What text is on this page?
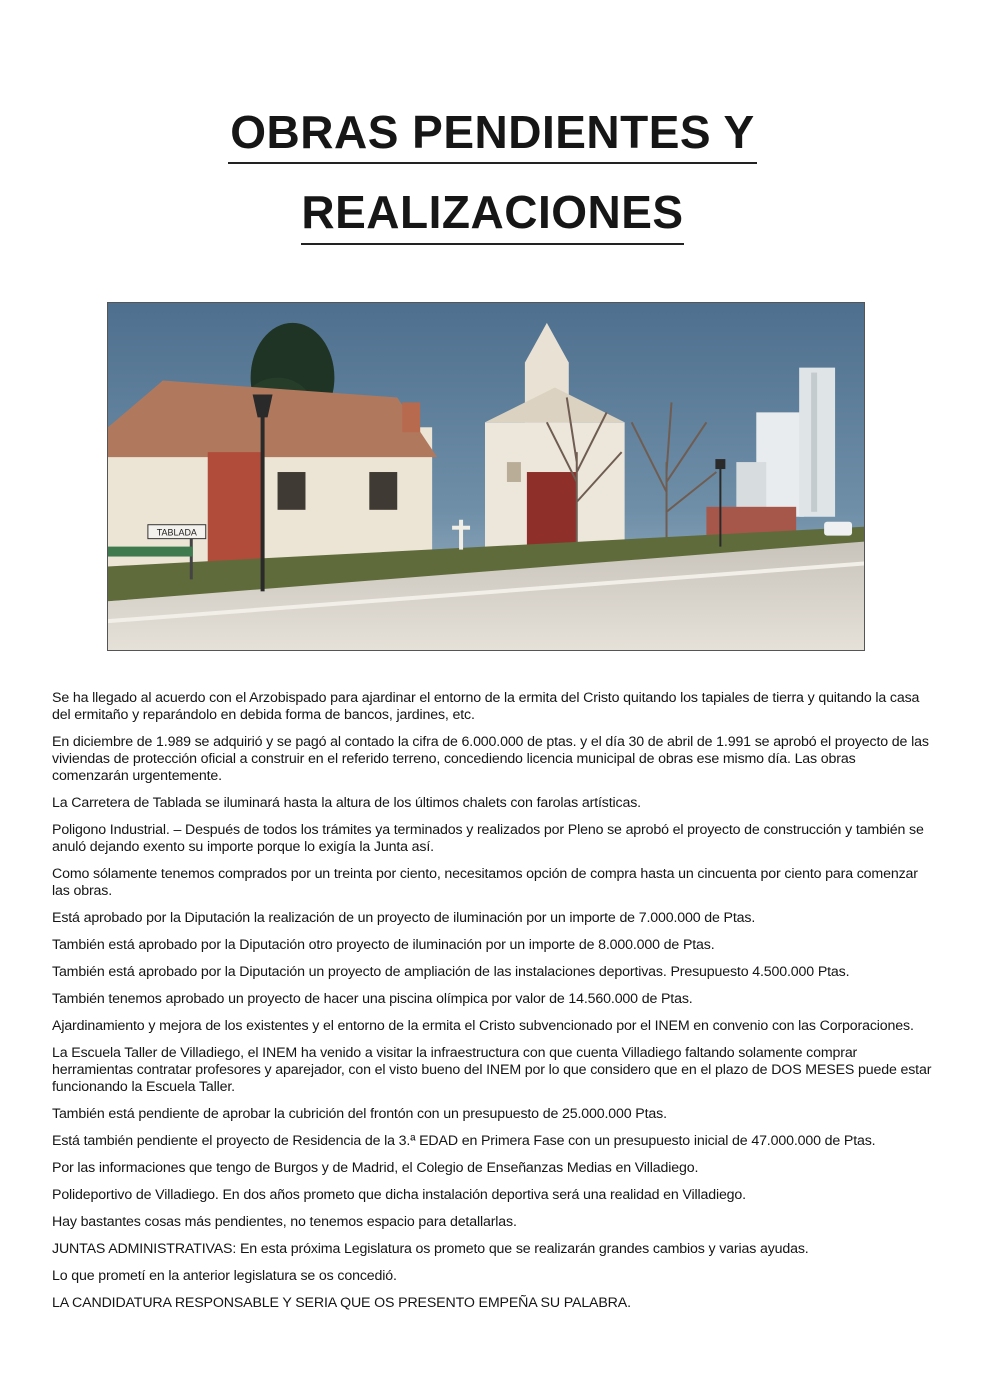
OBRAS PENDIENTES Y
REALIZACIONES
TABLADA

Se ha llegado al acuerdo con el Arzobispado para ajardinar el entorno de la ermita del Cristo quitando los tapiales de tierra y quitando la casa del ermitaño y reparándolo en debida forma de bancos, jardines, etc.

En diciembre de 1.989 se adquirió y se pagó al contado la cifra de 6.000.000 de ptas. y el día 30 de abril de 1.991 se aprobó el proyecto de las viviendas de protección oficial a construir en el referido terreno, concediendo licencia municipal de obras ese mismo día. Las obras comenzarán urgentemente.

La Carretera de Tablada se iluminará hasta la altura de los últimos chalets con farolas artísticas.

Poligono Industrial. – Después de todos los trámites ya terminados y realizados por Pleno se aprobó el proyecto de construcción y también se anuló dejando exento su importe porque lo exigía la Junta así.

Como sólamente tenemos comprados por un treinta por ciento, necesitamos opción de compra hasta un cincuenta por ciento para comenzar las obras.

Está aprobado por la Diputación la realización de un proyecto de iluminación por un importe de 7.000.000 de Ptas.

También está aprobado por la Diputación otro proyecto de iluminación por un importe de 8.000.000 de Ptas.

También está aprobado por la Diputación un proyecto de ampliación de las instalaciones deportivas. Presupuesto 4.500.000 Ptas.

También tenemos aprobado un proyecto de hacer una piscina olímpica por valor de 14.560.000 de Ptas.

Ajardinamiento y mejora de los existentes y el entorno de la ermita el Cristo subvencionado por el INEM en convenio con las Corporaciones.

La Escuela Taller de Villadiego, el INEM ha venido a visitar la infraestructura con que cuenta Villadiego faltando solamente comprar herramientas contratar profesores y aparejador, con el visto bueno del INEM por lo que considero que en el plazo de DOS MESES puede estar funcionando la Escuela Taller.

También está pendiente de aprobar la cubrición del frontón con un presupuesto de 25.000.000 Ptas.

Está también pendiente el proyecto de Residencia de la 3.ª EDAD en Primera Fase con un presupuesto inicial de 47.000.000 de Ptas.

Por las informaciones que tengo de Burgos y de Madrid, el Colegio de Enseñanzas Medias en Villadiego.

Polideportivo de Villadiego. En dos años prometo que dicha instalación deportiva será una realidad en Villadiego.

Hay bastantes cosas más pendientes, no tenemos espacio para detallarlas.

JUNTAS ADMINISTRATIVAS: En esta próxima Legislatura os prometo que se realizarán grandes cambios y varias ayudas.

Lo que prometí en la anterior legislatura se os concedió.

LA CANDIDATURA RESPONSABLE Y SERIA QUE OS PRESENTO EMPEÑA SU PALABRA.
